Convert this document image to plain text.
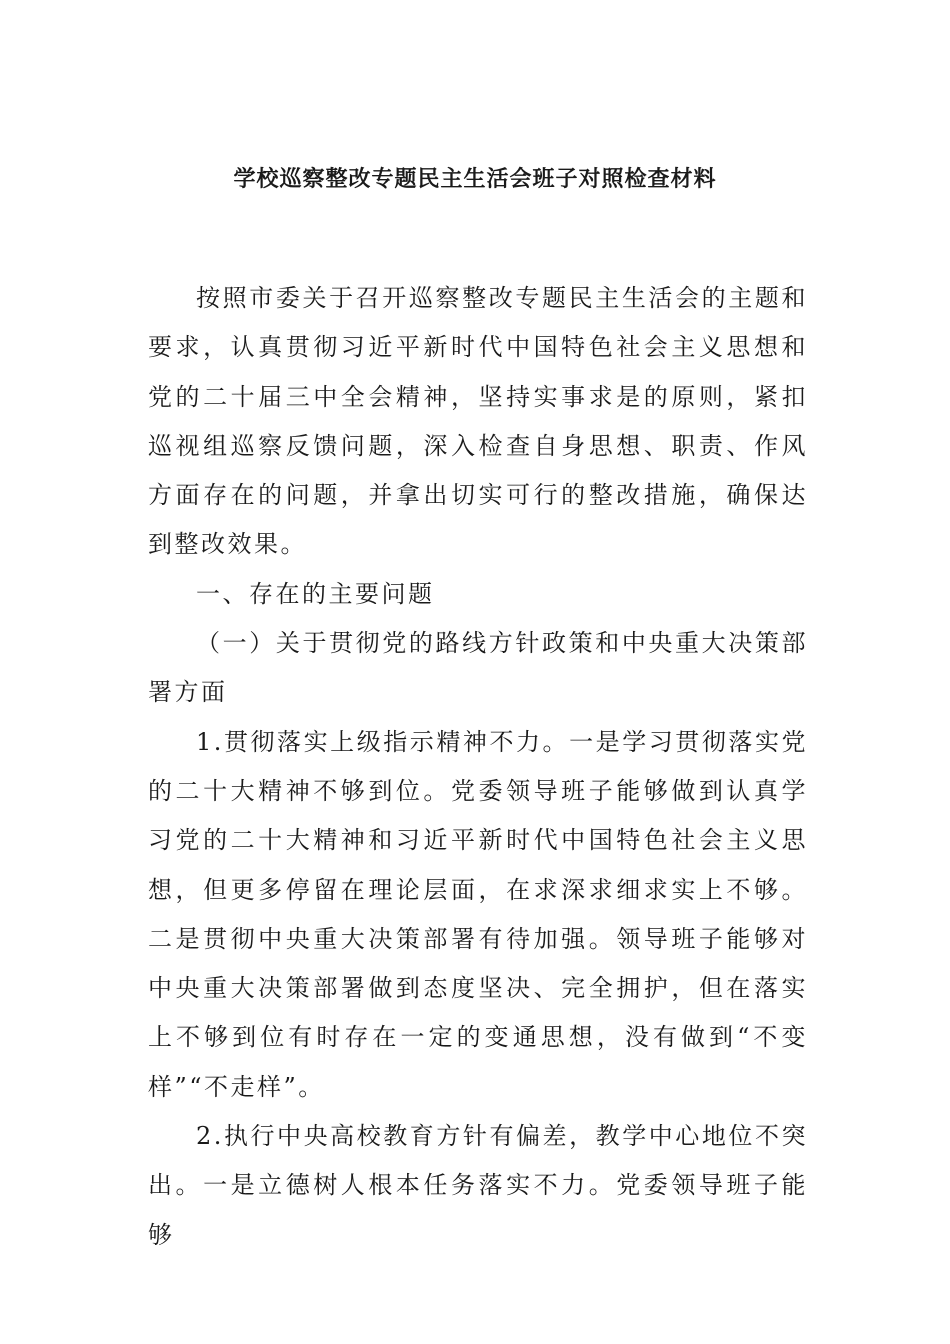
学校巡察整改专题民主生活会班子对照检查材料

按照市委关于召开巡察整改专题民主生活会的主题和要求，认真贯彻习近平新时代中国特色社会主义思想和党的二十届三中全会精神，坚持实事求是的原则，紧扣巡视组巡察反馈问题，深入检查自身思想、职责、作风方面存在的问题，并拿出切实可行的整改措施，确保达到整改效果。

一、存在的主要问题

（一）关于贯彻党的路线方针政策和中央重大决策部署方面

1.贯彻落实上级指示精神不力。一是学习贯彻落实党的二十大精神不够到位。党委领导班子能够做到认真学习党的二十大精神和习近平新时代中国特色社会主义思想，但更多停留在理论层面，在求深求细求实上不够。二是贯彻中央重大决策部署有待加强。领导班子能够对中央重大决策部署做到态度坚决、完全拥护，但在落实上不够到位有时存在一定的变通思想，没有做到“不变样”“不走样”。

2.执行中央高校教育方针有偏差，教学中心地位不突出。一是立德树人根本任务落实不力。党委领导班子能够
